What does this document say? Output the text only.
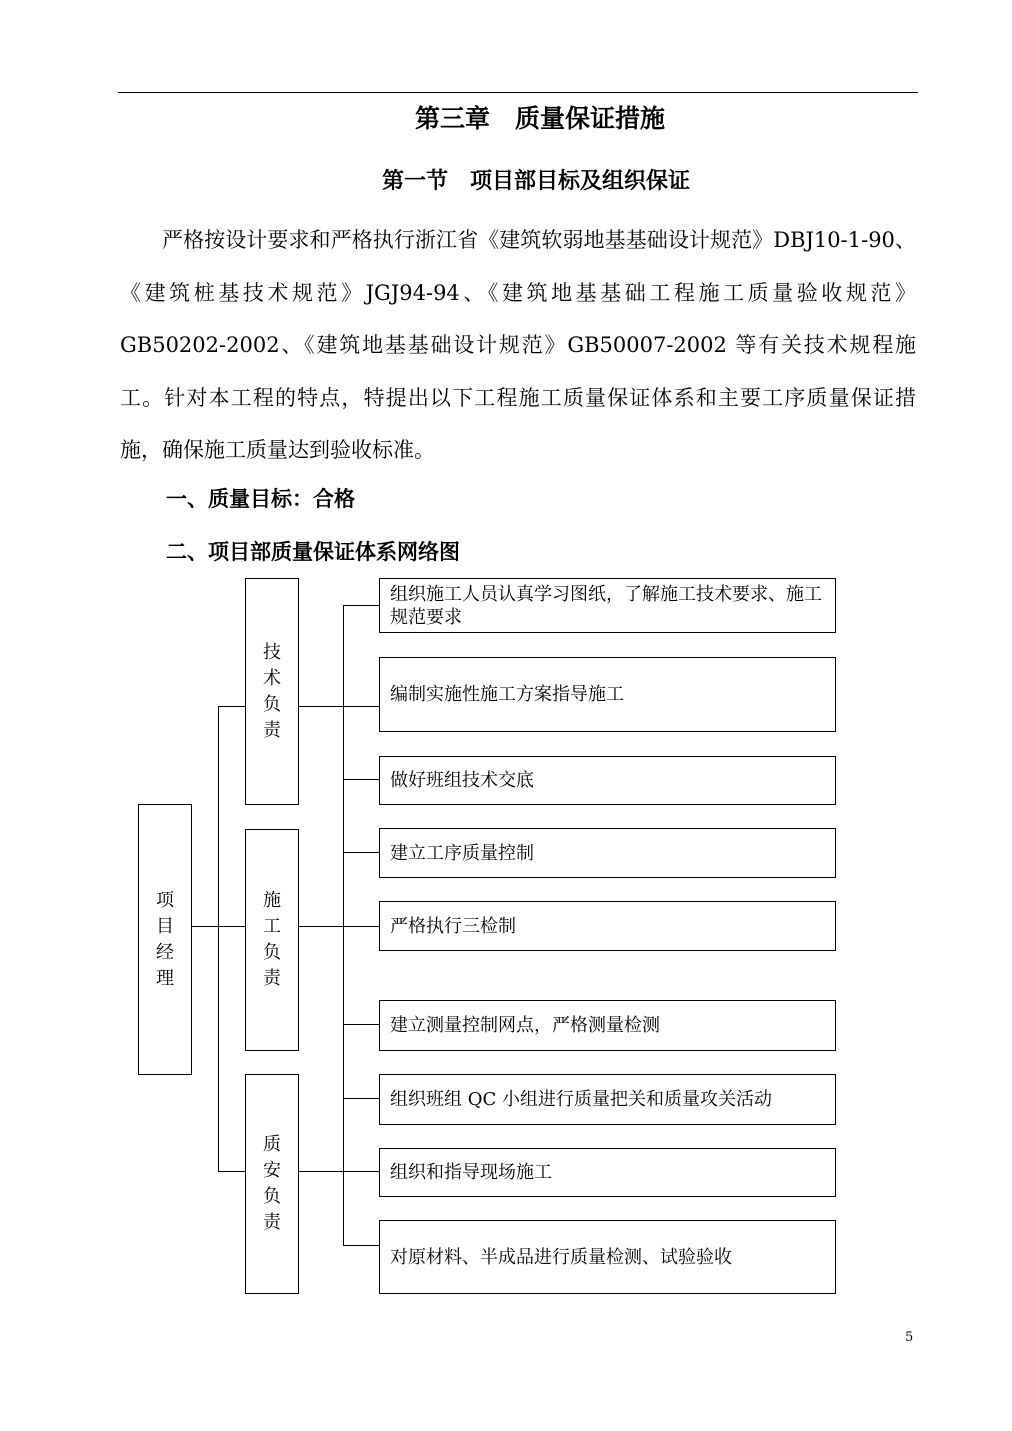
第三章　质量保证措施
第一节　项目部目标及组织保证

严格按设计要求和严格执行浙江省《建筑软弱地基基础设计规范》DBJ10-1-90、《建筑桩基技术规范》JGJ94-94、《建筑地基基础工程施工质量验收规范》GB50202-2002、《建筑地基基础设计规范》GB50007-2002 等有关技术规程施工。针对本工程的特点，特提出以下工程施工质量保证体系和主要工序质量保证措施，确保施工质量达到验收标准。

一、质量目标：合格
二、项目部质量保证体系网络图
项
目
经
理
技
术
负
责
施
工
负
责
质
安
负
责
组织施工人员认真学习图纸，了解施工技术要求、施工规范要求
编制实施性施工方案指导施工
做好班组技术交底
建立工序质量控制
严格执行三检制
建立测量控制网点，严格测量检测
组织班组 QC 小组进行质量把关和质量攻关活动
组织和指导现场施工
对原材料、半成品进行质量检测、试验验收
5
